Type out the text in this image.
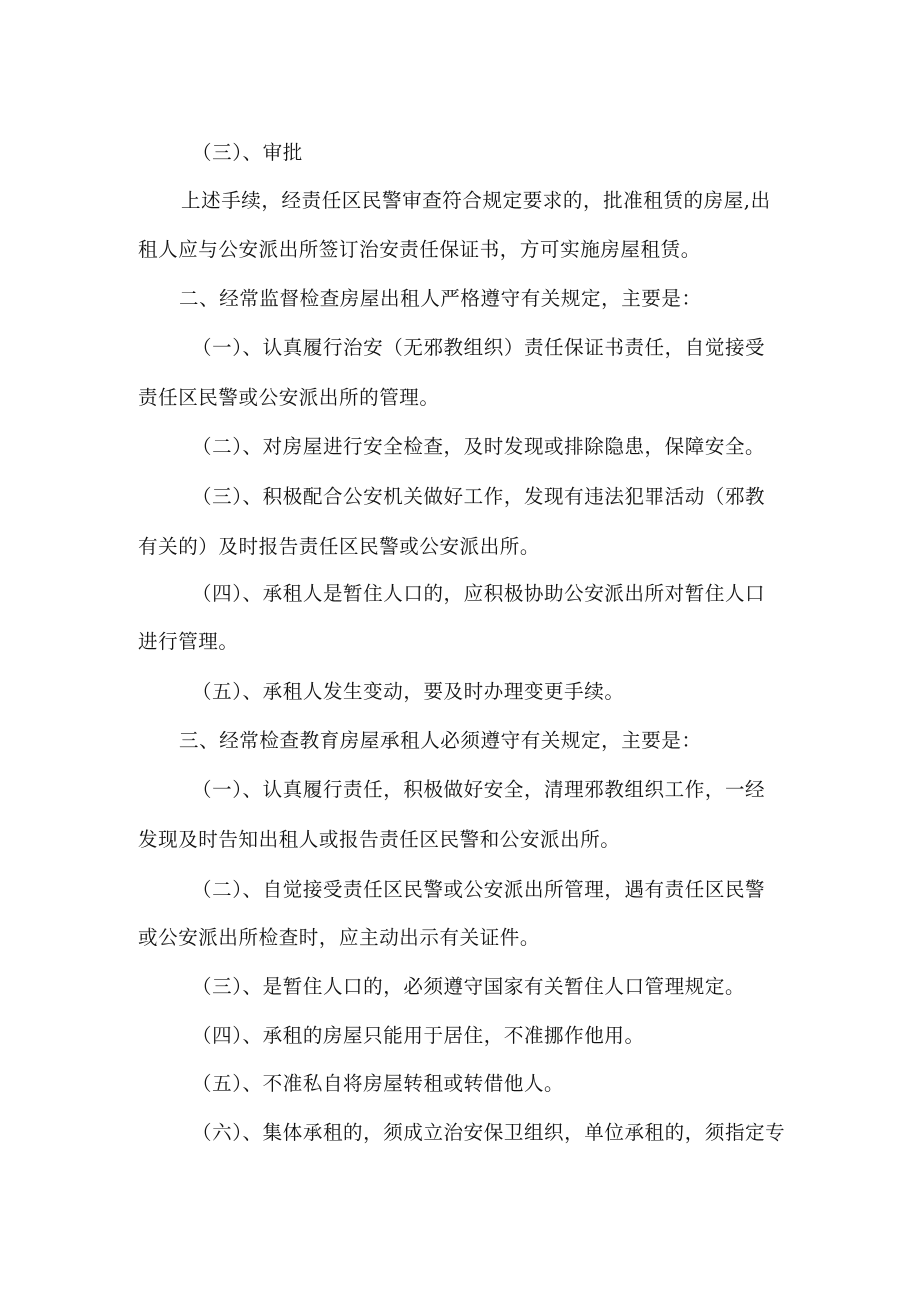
（三）、审批

上述手续，经责任区民警审查符合规定要求的，批准租赁的房屋,出

租人应与公安派出所签订治安责任保证书，方可实施房屋租赁。

二、经常监督检查房屋出租人严格遵守有关规定，主要是：

（一）、认真履行治安（无邪教组织）责任保证书责任，自觉接受

责任区民警或公安派出所的管理。

（二）、对房屋进行安全检查，及时发现或排除隐患，保障安全。

（三）、积极配合公安机关做好工作，发现有违法犯罪活动（邪教

有关的）及时报告责任区民警或公安派出所。

（四）、承租人是暂住人口的，应积极协助公安派出所对暂住人口

进行管理。

（五）、承租人发生变动，要及时办理变更手续。

三、经常检查教育房屋承租人必须遵守有关规定，主要是：

（一）、认真履行责任，积极做好安全，清理邪教组织工作，一经

发现及时告知出租人或报告责任区民警和公安派出所。

（二）、自觉接受责任区民警或公安派出所管理，遇有责任区民警

或公安派出所检查时，应主动出示有关证件。

（三）、是暂住人口的，必须遵守国家有关暂住人口管理规定。

（四）、承租的房屋只能用于居住，不准挪作他用。

（五）、不准私自将房屋转租或转借他人。

（六）、集体承租的，须成立治安保卫组织，单位承租的，须指定专
